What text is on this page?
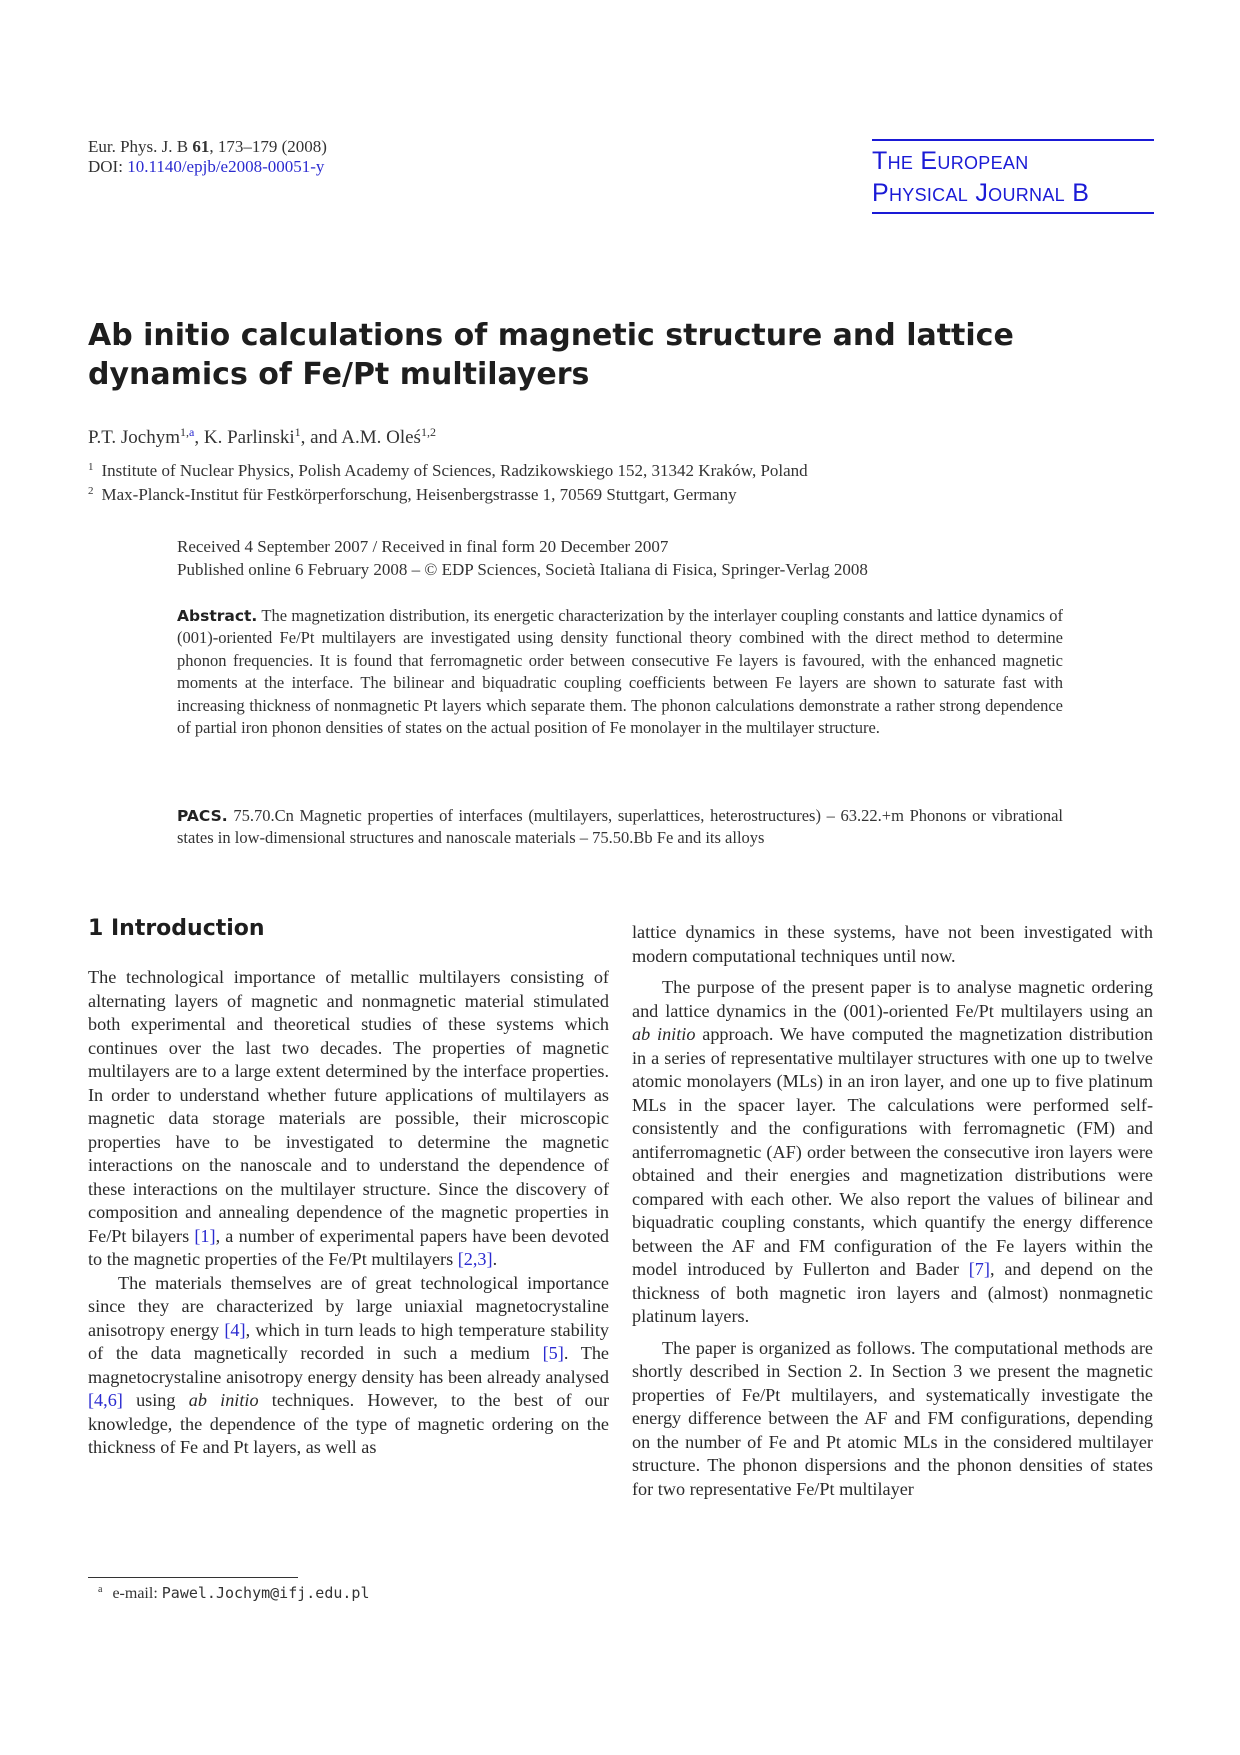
Eur. Phys. J. B 61, 173–179 (2008)
DOI: 10.1140/epjb/e2008-00051-y	The European
Physical Journal B
Ab initio calculations of magnetic structure and lattice dynamics of Fe/Pt multilayers
P.T. Jochym$^{1,a}$, K. Parlinski$^1$, and A.M. Oleś$^{1,2}$
$^1$ Institute of Nuclear Physics, Polish Academy of Sciences, Radzikowskiego 152, 31342 Kraków, Poland
$^2$ Max-Planck-Institut für Festkörperforschung, Heisenbergstrasse 1, 70569 Stuttgart, Germany
Received 4 September 2007 / Received in final form 20 December 2007
Published online 6 February 2008 – © EDP Sciences, Società Italiana di Fisica, Springer-Verlag 2008
Abstract. The magnetization distribution, its energetic characterization by the interlayer coupling constants and lattice dynamics of (001)-oriented Fe/Pt multilayers are investigated using density functional theory combined with the direct method to determine phonon frequencies. It is found that ferromagnetic order between consecutive Fe layers is favoured, with the enhanced magnetic moments at the interface. The bilinear and biquadratic coupling coefficients between Fe layers are shown to saturate fast with increasing thickness of nonmagnetic Pt layers which separate them. The phonon calculations demonstrate a rather strong dependence of partial iron phonon densities of states on the actual position of Fe monolayer in the multilayer structure.
PACS. 75.70.Cn Magnetic properties of interfaces (multilayers, superlattices, heterostructures) – 63.22.+m Phonons or vibrational states in low-dimensional structures and nanoscale materials – 75.50.Bb Fe and its alloys
1 Introduction

The technological importance of metallic multilayers consisting of alternating layers of magnetic and nonmagnetic material stimulated both experimental and theoretical studies of these systems which continues over the last two decades. The properties of magnetic multilayers are to a large extent determined by the interface properties. In order to understand whether future applications of multilayers as magnetic data storage materials are possible, their microscopic properties have to be investigated to determine the magnetic interactions on the nanoscale and to understand the dependence of these interactions on the multilayer structure. Since the discovery of composition and annealing dependence of the magnetic properties in Fe/Pt bilayers [1], a number of experimental papers have been devoted to the magnetic properties of the Fe/Pt multilayers [2,3].

The materials themselves are of great technological importance since they are characterized by large uniaxial magnetocrystaline anisotropy energy [4], which in turn leads to high temperature stability of the data magnetically recorded in such a medium [5]. The magnetocrystaline anisotropy energy density has been already analysed [4,6] using ab initio techniques. However, to the best of our knowledge, the dependence of the type of magnetic ordering on the thickness of Fe and Pt layers, as well as

lattice dynamics in these systems, have not been investigated with modern computational techniques until now.

The purpose of the present paper is to analyse magnetic ordering and lattice dynamics in the (001)-oriented Fe/Pt multilayers using an ab initio approach. We have computed the magnetization distribution in a series of representative multilayer structures with one up to twelve atomic monolayers (MLs) in an iron layer, and one up to five platinum MLs in the spacer layer. The calculations were performed self-consistently and the configurations with ferromagnetic (FM) and antiferromagnetic (AF) order between the consecutive iron layers were obtained and their energies and magnetization distributions were compared with each other. We also report the values of bilinear and biquadratic coupling constants, which quantify the energy difference between the AF and FM configuration of the Fe layers within the model introduced by Fullerton and Bader [7], and depend on the thickness of both magnetic iron layers and (almost) nonmagnetic platinum layers.

The paper is organized as follows. The computational methods are shortly described in Section 2. In Section 3 we present the magnetic properties of Fe/Pt multilayers, and systematically investigate the energy difference between the AF and FM configurations, depending on the number of Fe and Pt atomic MLs in the considered multilayer structure. The phonon dispersions and the phonon densities of states for two representative Fe/Pt multilayer

$^a$ e-mail: Pawel.Jochym@ifj.edu.pl
